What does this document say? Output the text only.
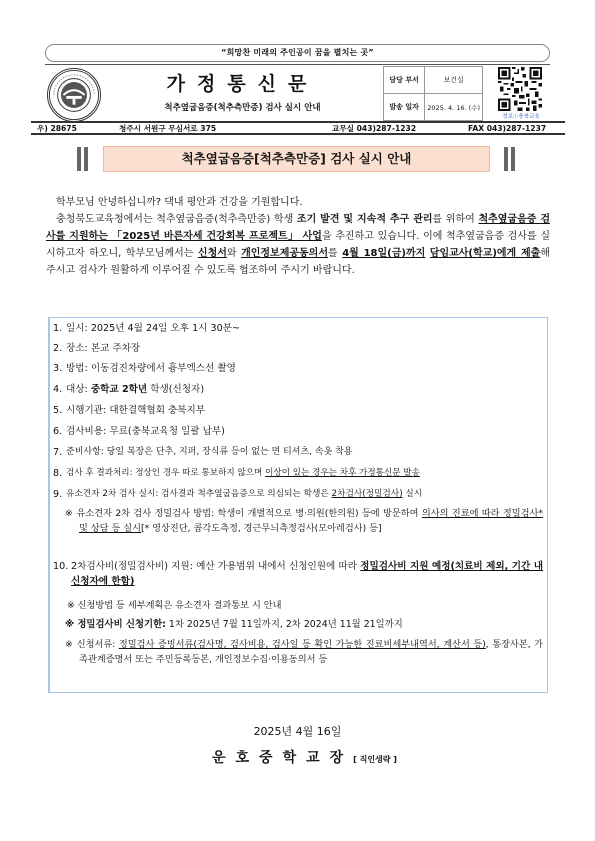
“희망찬 미래의 주인공이 꿈을 펼치는 곳”
가정통신문
척추옆굽음증(척추측만증) 검사 실시 안내
담당 부서	보건실
발송 일자	2025. 4. 16. (수)
정보ⓘ충북교육
우) 28675	청주시 서원구 무심서로 375	교무실 043)287-1232	FAX 043)287-1237
척추옆굽음증[척추측만증] 검사 실시 안내

학부모님 안녕하십니까? 댁내 평안과 건강을 기원합니다.

충청북도교육청에서는 척추옆굽음증(척추측만증) 학생 조기 발견 및 지속적 추구 관리를 위하여 척추옆굽음증 검사를 지원하는 「2025년 바른자세 건강회복 프로젝트」 사업을 추진하고 있습니다. 이에 척추옆굽음증 검사를 실시하고자 하오니, 학부모님께서는 신청서와 개인정보제공동의서를 4월 18일(금)까지 담임교사(학교)에게 제출해 주시고 검사가 원활하게 이루어질 수 있도록 협조하여 주시기 바랍니다.

1. 일시: 2025년 4월 24일 오후 1시 30분~
2. 장소: 본교 주차장
3. 방법: 이동검진차량에서 흉부엑스선 촬영
4. 대상: 중학교 2학년 학생(신청자)
5. 시행기관: 대한결핵협회 충북지부
6. 검사비용: 무료(충북교육청 일괄 납부)
7. 준비사항: 당일 복장은 단추, 지퍼, 장식류 등이 없는 면 티셔츠, 속옷 착용
8. 검사 후 결과처리: 정상인 경우 따로 통보하지 않으며 이상이 있는 경우는 차후 가정통신문 발송
9. 유소견자 2차 검사 실시: 검사결과 척추옆굽음증으로 의심되는 학생은 2차검사(정밀검사) 실시
※ 유소견자 2차 검사 정밀검사 방법: 학생이 개별적으로 병·의원(한의원) 등에 방문하여 의사의 진료에 따라 정밀검사* 및 상담 등 실시[* 영상진단, 콥각도측정, 경근무늬측정검사(모아레검사) 등]
10. 2차검사비(정밀검사비) 지원: 예산 가용범위 내에서 신청인원에 따라 정밀검사비 지원 예정(치료비 제외, 기간 내 신청자에 한함)
※ 신청방법 등 세부계획은 유소견자 결과통보 시 안내
※ 정밀검사비 신청기한: 1차 2025년 7월 11일까지, 2차 2024년 11월 21일까지
※ 신청서류: 정밀검사 증빙서류(검사명, 검사비용, 검사일 등 확인 가능한 진료비세부내역서, 계산서 등), 통장사본, 가족관계증명서 또는 주민등록등본, 개인정보수집·이용동의서 등
2025년 4월 16일
운호중학교장[ 직인생략 ]
